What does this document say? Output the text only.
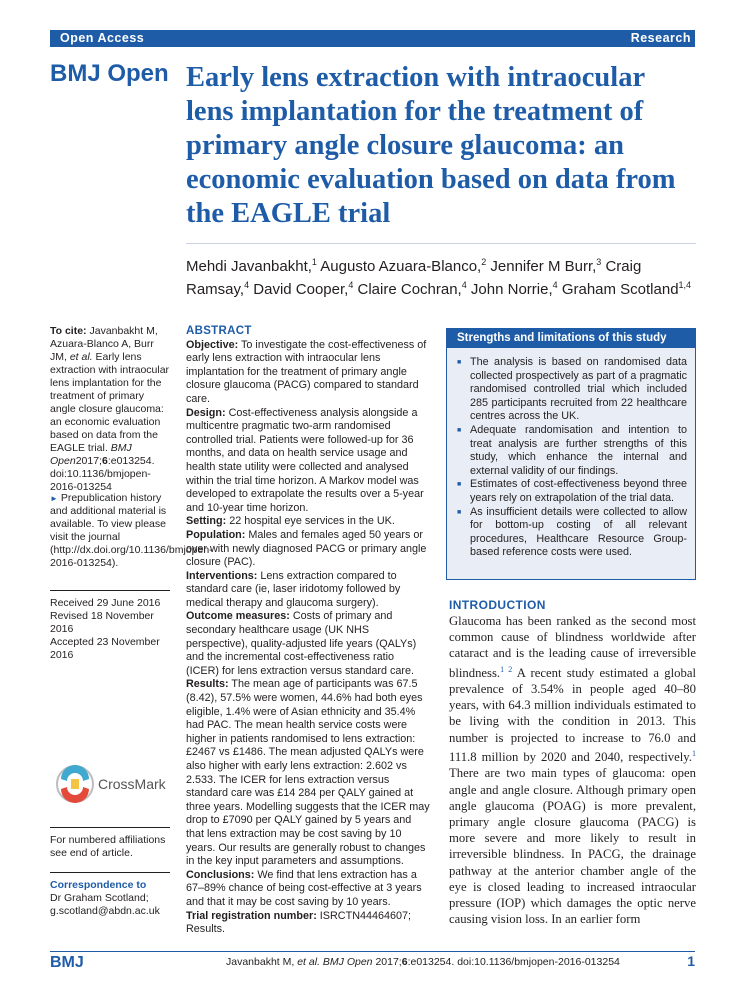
Open Access	Research
BMJ Open Early lens extraction with intraocular lens implantation for the treatment of primary angle closure glaucoma: an economic evaluation based on data from the EAGLE trial

Mehdi Javanbakht,$^1$ Augusto Azuara-Blanco,$^2$ Jennifer M Burr,$^3$ Craig Ramsay,$^4$ David Cooper,$^4$ Claire Cochran,$^4$ John Norrie,$^4$ Graham Scotland$^{1,4}$

To cite: Javanbakht M, Azuara-Blanco A, Burr JM, et al. Early lens extraction with intraocular lens implantation for the treatment of primary angle closure glaucoma: an economic evaluation based on data from the EAGLE trial. BMJ Open2017;6:e013254. doi:10.1136/bmjopen-2016-013254
► Prepublication history and additional material is available. To view please visit the journal (http://dx.doi.org/10.1136/bmjopen-2016-013254).
Received 29 June 2016
Revised 18 November 2016
Accepted 23 November 2016
CrossMark
For numbered affiliations see end of article.
Correspondence to
Dr Graham Scotland;
g.scotland@abdn.ac.uk
ABSTRACT

Objective: To investigate the cost-effectiveness of early lens extraction with intraocular lens implantation for the treatment of primary angle closure glaucoma (PACG) compared to standard care.

Design: Cost-effectiveness analysis alongside a multicentre pragmatic two-arm randomised controlled trial. Patients were followed-up for 36 months, and data on health service usage and health state utility were collected and analysed within the trial time horizon. A Markov model was developed to extrapolate the results over a 5-year and 10-year time horizon.

Setting: 22 hospital eye services in the UK.

Population: Males and females aged 50 years or over with newly diagnosed PACG or primary angle closure (PAC).

Interventions: Lens extraction compared to standard care (ie, laser iridotomy followed by medical therapy and glaucoma surgery).

Outcome measures: Costs of primary and secondary healthcare usage (UK NHS perspective), quality-adjusted life years (QALYs) and the incremental cost-effectiveness ratio (ICER) for lens extraction versus standard care.

Results: The mean age of participants was 67.5 (8.42), 57.5% were women, 44.6% had both eyes eligible, 1.4% were of Asian ethnicity and 35.4% had PAC. The mean health service costs were higher in patients randomised to lens extraction: £2467 vs £1486. The mean adjusted QALYs were also higher with early lens extraction: 2.602 vs 2.533. The ICER for lens extraction versus standard care was £14 284 per QALY gained at three years. Modelling suggests that the ICER may drop to £7090 per QALY gained by 5 years and that lens extraction may be cost saving by 10 years. Our results are generally robust to changes in the key input parameters and assumptions.

Conclusions: We find that lens extraction has a 67–89% chance of being cost-effective at 3 years and that it may be cost saving by 10 years.

Trial registration number: ISRCTN44464607; Results.

Strengths and limitations of this study
■ The analysis is based on randomised data collected prospectively as part of a pragmatic randomised controlled trial which included 285 participants recruited from 22 healthcare centres across the UK.
■ Adequate randomisation and intention to treat analysis are further strengths of this study, which enhance the internal and external validity of our findings.
■ Estimates of cost-effectiveness beyond three years rely on extrapolation of the trial data.
■ As insufficient details were collected to allow for bottom-up costing of all relevant procedures, Healthcare Resource Group-based reference costs were used.
INTRODUCTION

Glaucoma has been ranked as the second most common cause of blindness worldwide after cataract and is the leading cause of irreversible blindness.$^{1 2}$ A recent study estimated a global prevalence of 3.54% in people aged 40–80 years, with 64.3 million individuals estimated to be living with the condition in 2013. This number is projected to increase to 76.0 and 111.8 million by 2020 and 2040, respectively.$^1$ There are two main types of glaucoma: open angle and angle closure. Although primary open angle glaucoma (POAG) is more prevalent, primary angle closure glaucoma (PACG) is more severe and more likely to result in irreversible blindness. In PACG, the drainage pathway at the anterior chamber angle of the eye is closed leading to increased intraocular pressure (IOP) which damages the optic nerve causing vision loss. In an earlier form

BMJ	Javanbakht M, et al. BMJ Open 2017;6:e013254. doi:10.1136/bmjopen-2016-013254	1
